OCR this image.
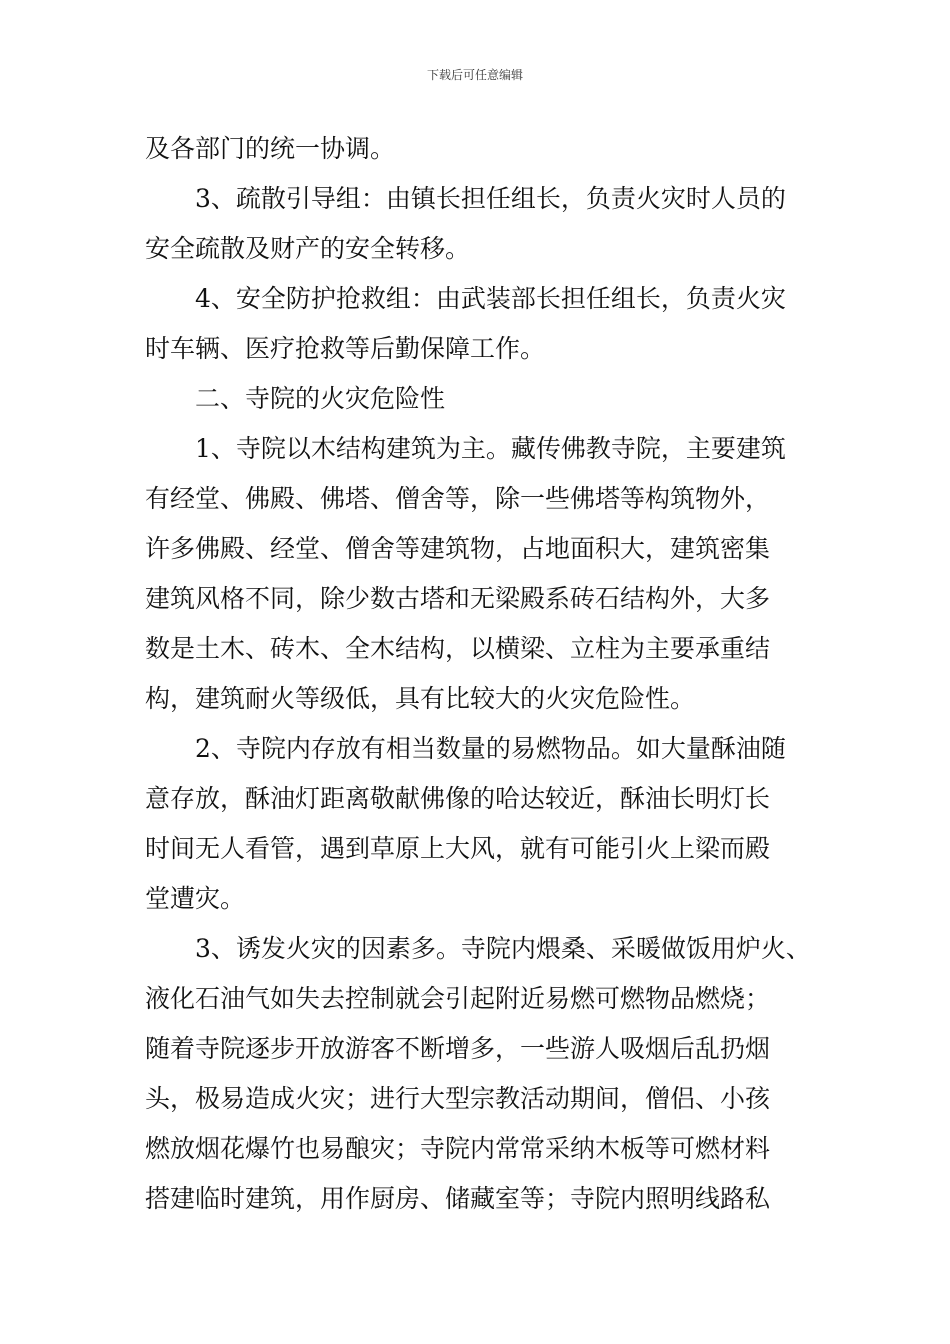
下载后可任意编辑
及各部门的统一协调。
3、疏散引导组：由镇长担任组长，负责火灾时人员的
安全疏散及财产的安全转移。
4、安全防护抢救组：由武装部长担任组长，负责火灾
时车辆、医疗抢救等后勤保障工作。
二、寺院的火灾危险性
1、寺院以木结构建筑为主。藏传佛教寺院，主要建筑
有经堂、佛殿、佛塔、僧舍等，除一些佛塔等构筑物外，
许多佛殿、经堂、僧舍等建筑物，占地面积大，建筑密集
建筑风格不同，除少数古塔和无梁殿系砖石结构外，大多
数是土木、砖木、全木结构，以横梁、立柱为主要承重结
构，建筑耐火等级低，具有比较大的火灾危险性。
2、寺院内存放有相当数量的易燃物品。如大量酥油随
意存放，酥油灯距离敬献佛像的哈达较近，酥油长明灯长
时间无人看管，遇到草原上大风，就有可能引火上梁而殿
堂遭灾。
3、诱发火灾的因素多。寺院内煨桑、采暖做饭用炉火、
液化石油气如失去控制就会引起附近易燃可燃物品燃烧；
随着寺院逐步开放游客不断增多，一些游人吸烟后乱扔烟
头，极易造成火灾；进行大型宗教活动期间，僧侣、小孩
燃放烟花爆竹也易酿灾；寺院内常常采纳木板等可燃材料
搭建临时建筑，用作厨房、储藏室等；寺院内照明线路私
